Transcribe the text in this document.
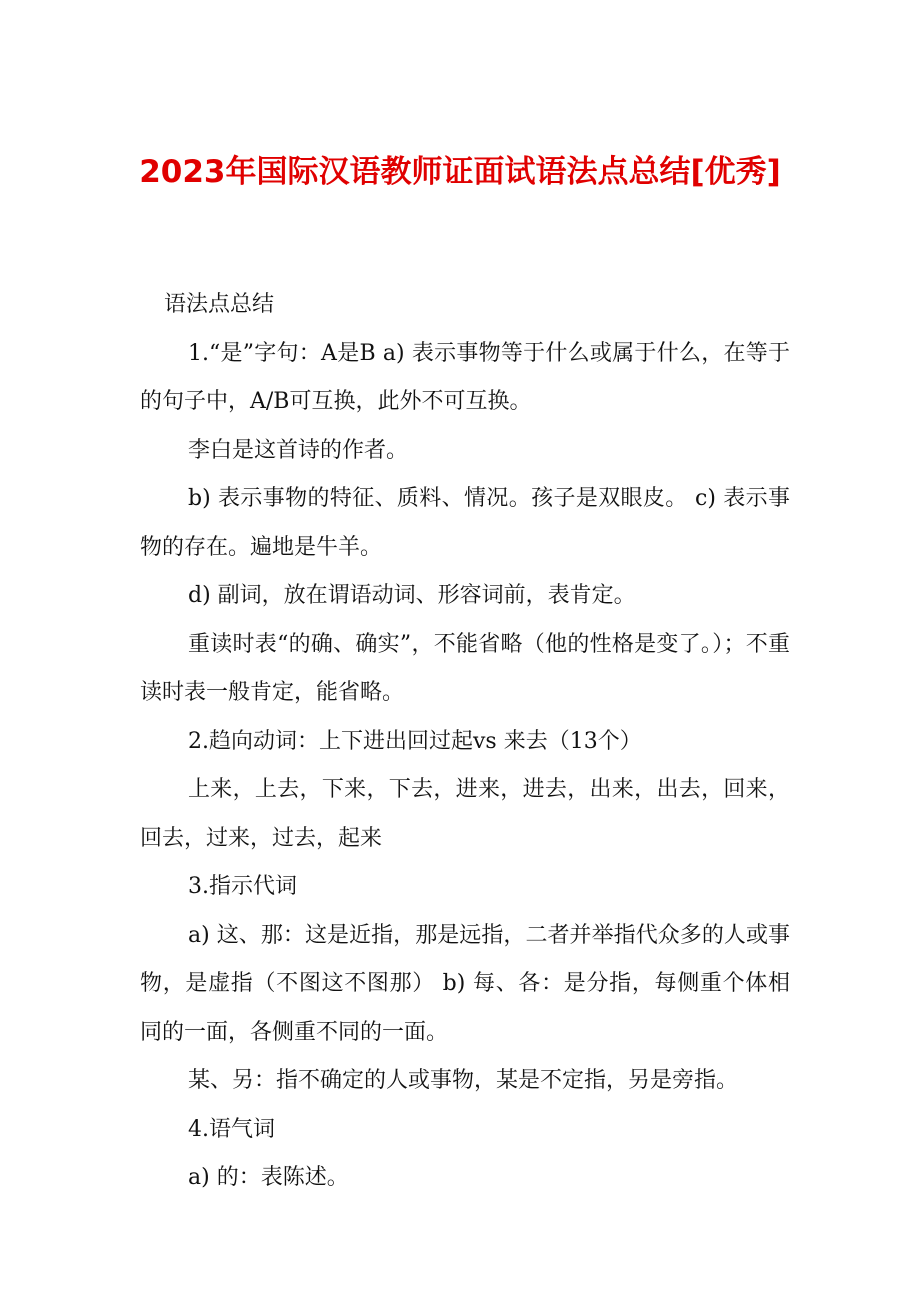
2023年国际汉语教师证面试语法点总结[优秀]

语法点总结

1.“是”字句：A是B a) 表示事物等于什么或属于什么，在等于的句子中，A/B可互换，此外不可互换。

李白是这首诗的作者。

b) 表示事物的特征、质料、情况。孩子是双眼皮。 c) 表示事物的存在。遍地是牛羊。

d) 副词，放在谓语动词、形容词前，表肯定。

重读时表“的确、确实”，不能省略（他的性格是变了。）；不重读时表一般肯定，能省略。

2.趋向动词：上下进出回过起vs 来去（13个）

上来，上去，下来，下去，进来，进去，出来，出去，回来，回去，过来，过去，起来

3.指示代词

a) 这、那：这是近指，那是远指，二者并举指代众多的人或事物，是虚指（不图这不图那） b) 每、各：是分指，每侧重个体相同的一面，各侧重不同的一面。

某、另：指不确定的人或事物，某是不定指，另是旁指。

4.语气词

a) 的：表陈述。
